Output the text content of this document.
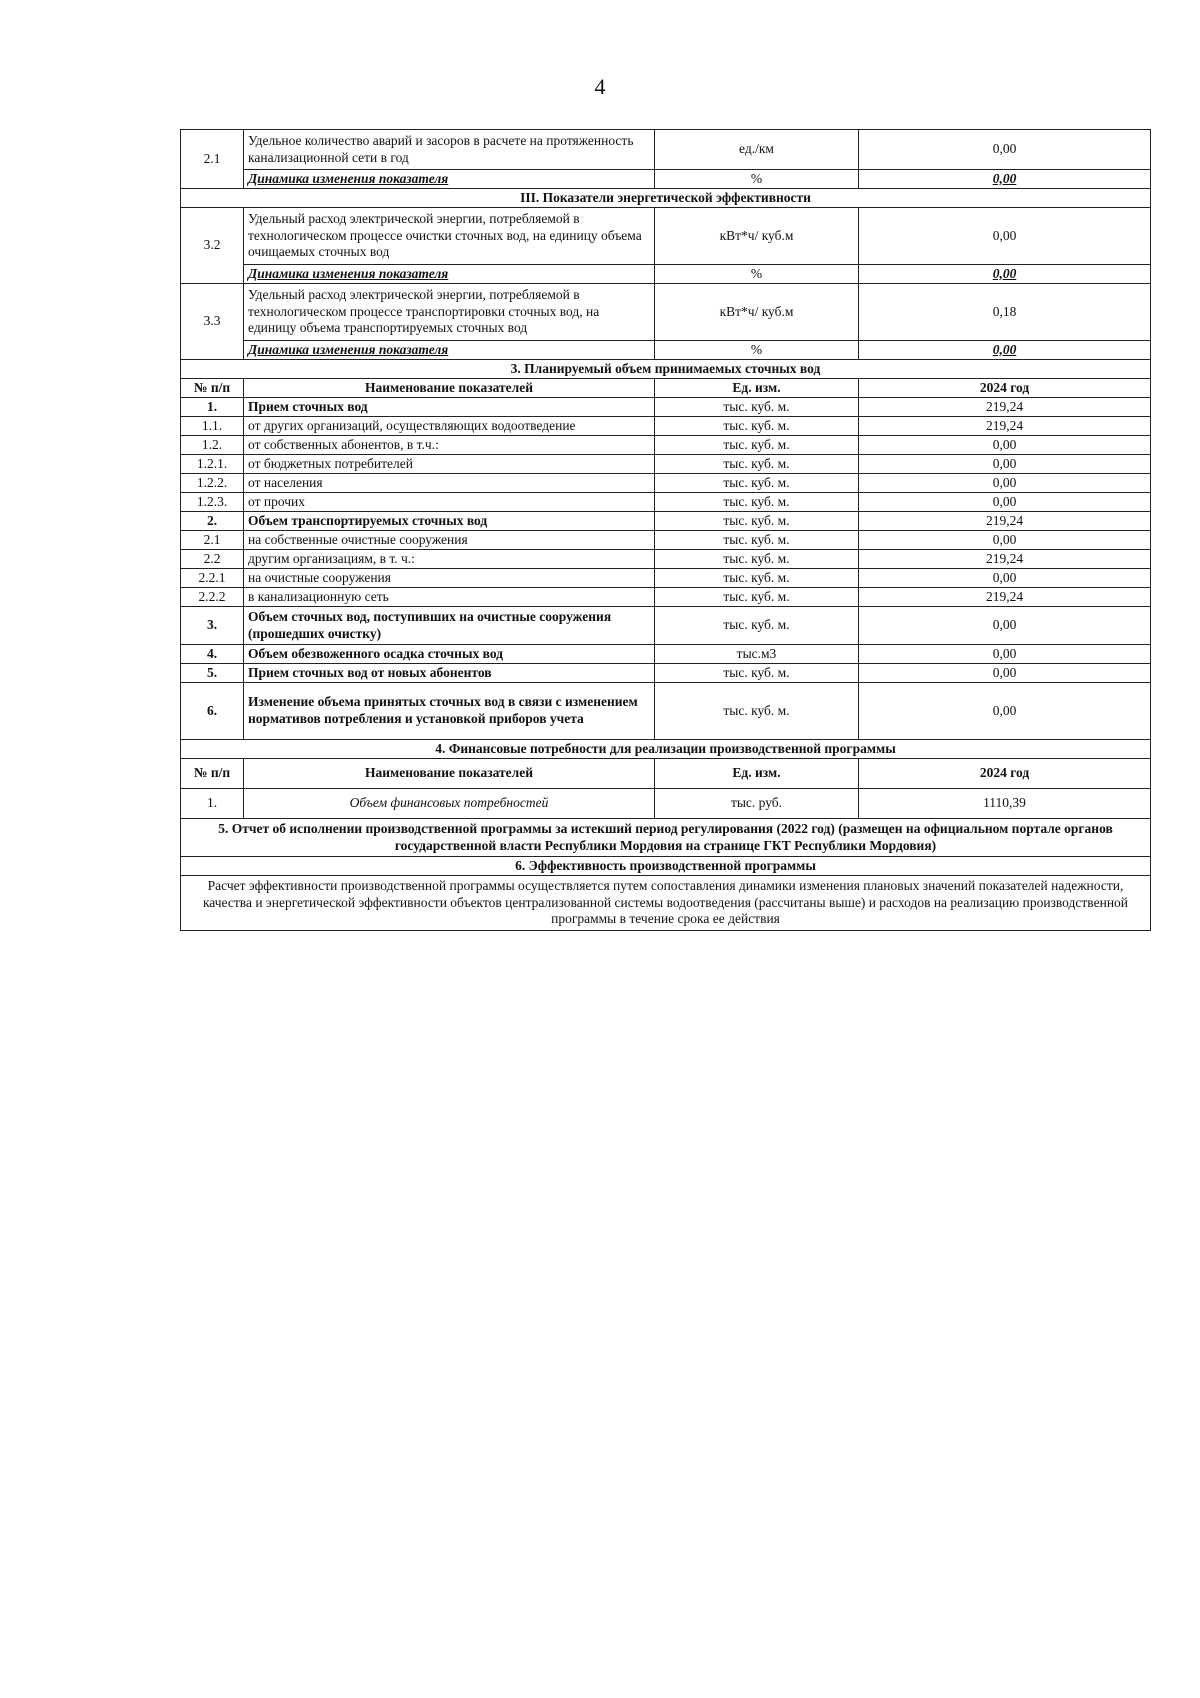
4
2.1	Удельное количество аварий и засоров в расчете на протяженность канализационной сети в год	ед./км	0,00
	Динамика изменения показателя	%	0,00
III. Показатели энергетической эффективности			
3.2	Удельный расход электрической энергии, потребляемой в технологическом процессе очистки сточных вод, на единицу объема очищаемых сточных вод	кВт*ч/ куб.м	0,00
	Динамика изменения показателя	%	0,00
3.3	Удельный расход электрической энергии, потребляемой в технологическом процессе транспортировки сточных вод, на единицу объема транспортируемых сточных вод	кВт*ч/ куб.м	0,18
	Динамика изменения показателя	%	0,00
3. Планируемый объем принимаемых сточных вод			
№ п/п	Наименование показателей	Ед. изм.	2024 год
1.	Прием сточных вод	тыс. куб. м.	219,24
1.1.	от других организаций, осуществляющих водоотведение	тыс. куб. м.	219,24
1.2.	от собственных абонентов, в т.ч.:	тыс. куб. м.	0,00
1.2.1.	от бюджетных потребителей	тыс. куб. м.	0,00
1.2.2.	от населения	тыс. куб. м.	0,00
1.2.3.	от прочих	тыс. куб. м.	0,00
2.	Объем транспортируемых сточных вод	тыс. куб. м.	219,24
2.1	на собственные очистные сооружения	тыс. куб. м.	0,00
2.2	другим организациям, в т. ч.:	тыс. куб. м.	219,24
2.2.1	на очистные сооружения	тыс. куб. м.	0,00
2.2.2	в канализационную сеть	тыс. куб. м.	219,24
3.	Объем сточных вод, поступивших на очистные сооружения (прошедших очистку)	тыс. куб. м.	0,00
4.	Объем обезвоженного осадка сточных вод	тыс.м3	0,00
5.	Прием сточных вод от новых абонентов	тыс. куб. м.	0,00
6.	Изменение объема принятых сточных вод в связи с изменением нормативов потребления и установкой приборов учета	тыс. куб. м.	0,00
4. Финансовые потребности для реализации производственной программы			
№ п/п	Наименование показателей	Ед. изм.	2024 год
1.	Объем финансовых потребностей	тыс. руб.	1110,39
5. Отчет об исполнении производственной программы за истекший период регулирования (2022 год) (размещен на официальном портале органов государственной власти Республики Мордовия на странице ГКТ Республики Мордовия)			
6. Эффективность производственной программы			
Расчет эффективности производственной программы осуществляется путем сопоставления динамики изменения плановых значений показателей надежности, качества и энергетической эффективности объектов централизованной системы водоотведения (рассчитаны выше) и расходов на реализацию производственной программы в течение срока ее действия			
